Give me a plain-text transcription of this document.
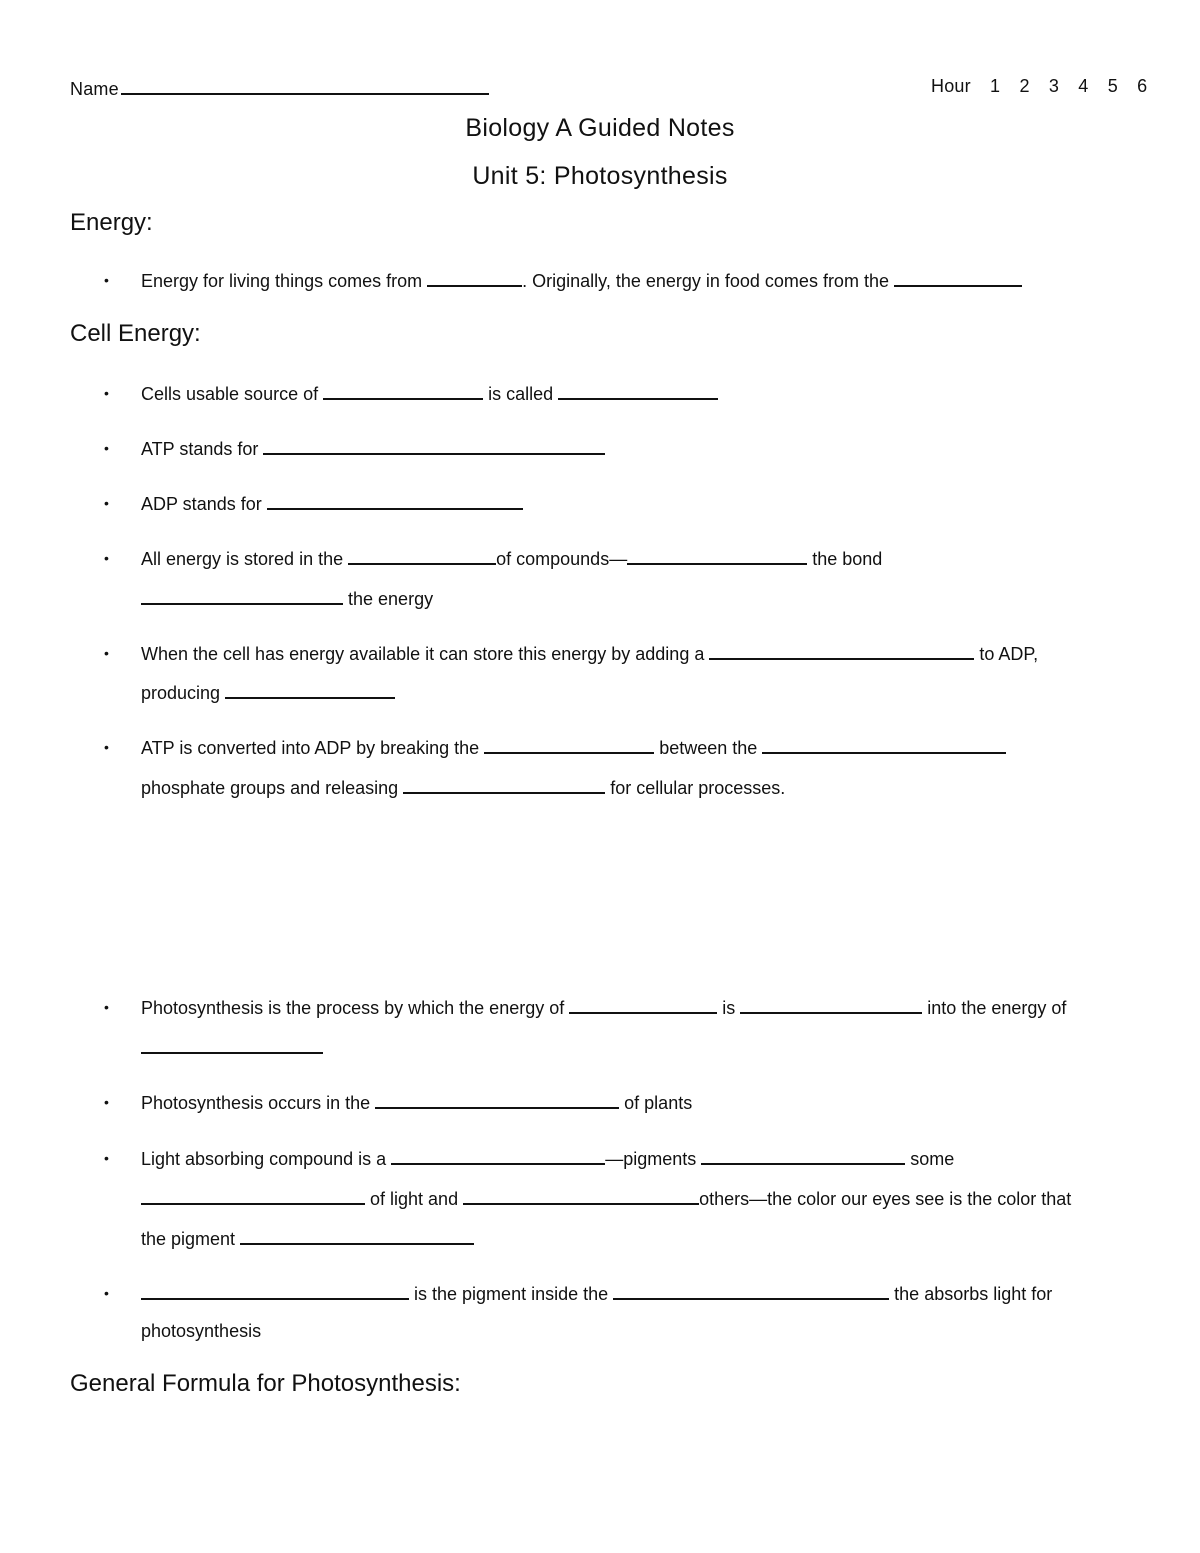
Name	Hour 1 2 3 4 5 6
Biology A Guided Notes
Unit 5: Photosynthesis
Energy:
• Energy for living things comes from	. Originally, the energy in food comes from the
Cell Energy:
• Cells usable source of	is called
• ATP stands for
• ADP stands for
• All energy is stored in the	of compounds—	the bond
the energy
• When the cell has energy available it can store this energy by adding a	to ADP,
producing
• ATP is converted into ADP by breaking the	between the
phosphate groups and releasing	for cellular processes.
• Photosynthesis is the process by which the energy of	is	into the energy of
• Photosynthesis occurs in the	of plants
• Light absorbing compound is a	—pigments	some
of light and	others—the color our eyes see is the color that
the pigment
•	is the pigment inside the	the absorbs light for
photosynthesis
General Formula for Photosynthesis:
